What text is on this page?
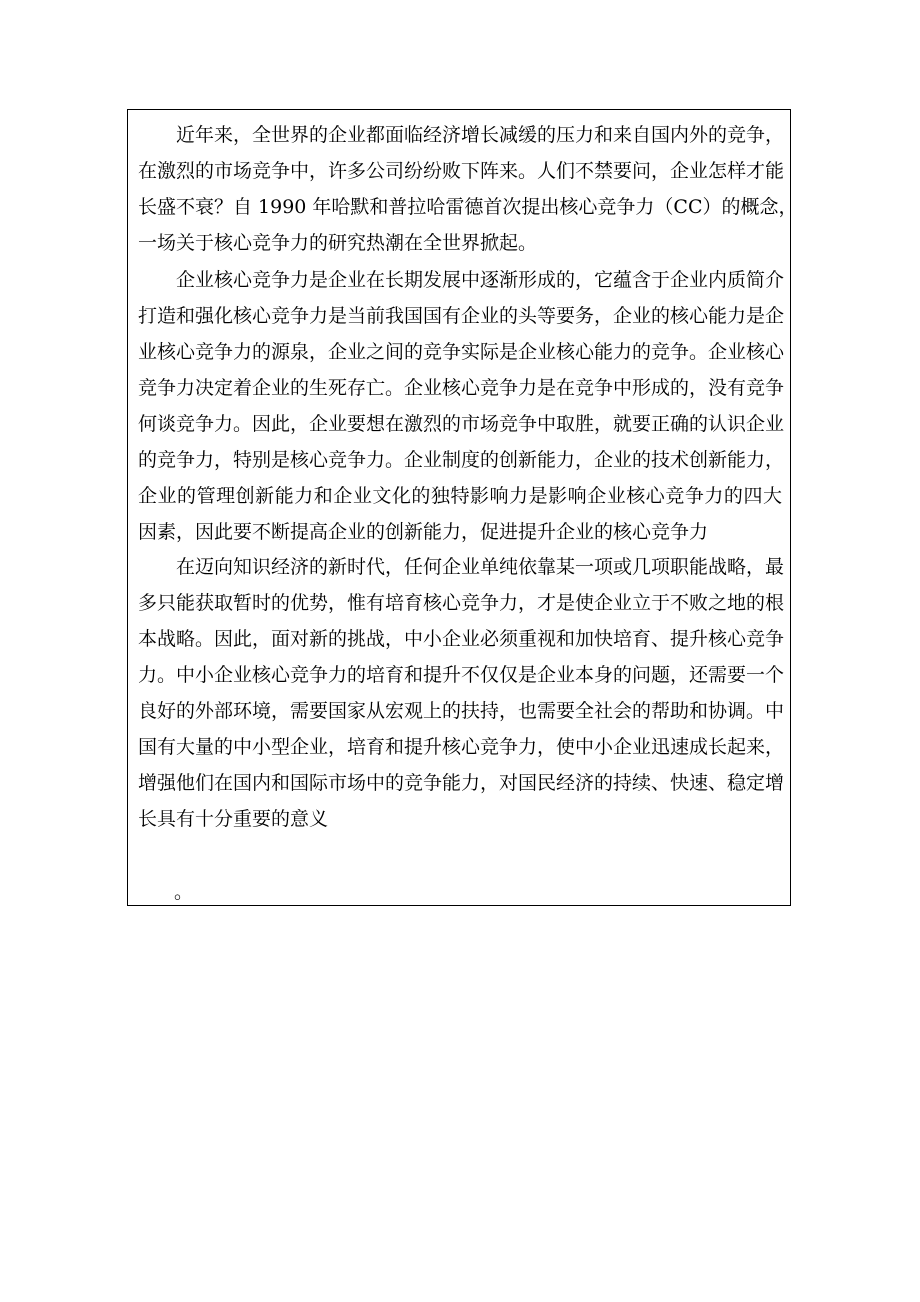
近年来，全世界的企业都面临经济增长减缓的压力和来自国内外的竞争，
在激烈的市场竞争中，许多公司纷纷败下阵来。人们不禁要问，企业怎样才能
长盛不衰？自 1990 年哈默和普拉哈雷德首次提出核心竞争力（CC）的概念，
一场关于核心竞争力的研究热潮在全世界掀起。
企业核心竞争力是企业在长期发展中逐渐形成的，它蕴含于企业内质简介
打造和强化核心竞争力是当前我国国有企业的头等要务，企业的核心能力是企
业核心竞争力的源泉，企业之间的竞争实际是企业核心能力的竞争。企业核心
竞争力决定着企业的生死存亡。企业核心竞争力是在竞争中形成的，没有竞争
何谈竞争力。因此，企业要想在激烈的市场竞争中取胜，就要正确的认识企业
的竞争力，特别是核心竞争力。企业制度的创新能力，企业的技术创新能力，
企业的管理创新能力和企业文化的独特影响力是影响企业核心竞争力的四大
因素，因此要不断提高企业的创新能力，促进提升企业的核心竞争力
在迈向知识经济的新时代，任何企业单纯依靠某一项或几项职能战略，最
多只能获取暂时的优势，惟有培育核心竞争力，才是使企业立于不败之地的根
本战略。因此，面对新的挑战，中小企业必须重视和加快培育、提升核心竞争
力。中小企业核心竞争力的培育和提升不仅仅是企业本身的问题，还需要一个
良好的外部环境，需要国家从宏观上的扶持，也需要全社会的帮助和协调。中
国有大量的中小型企业，培育和提升核心竞争力，使中小企业迅速成长起来，
增强他们在国内和国际市场中的竞争能力，对国民经济的持续、快速、稳定增
长具有十分重要的意义
。
